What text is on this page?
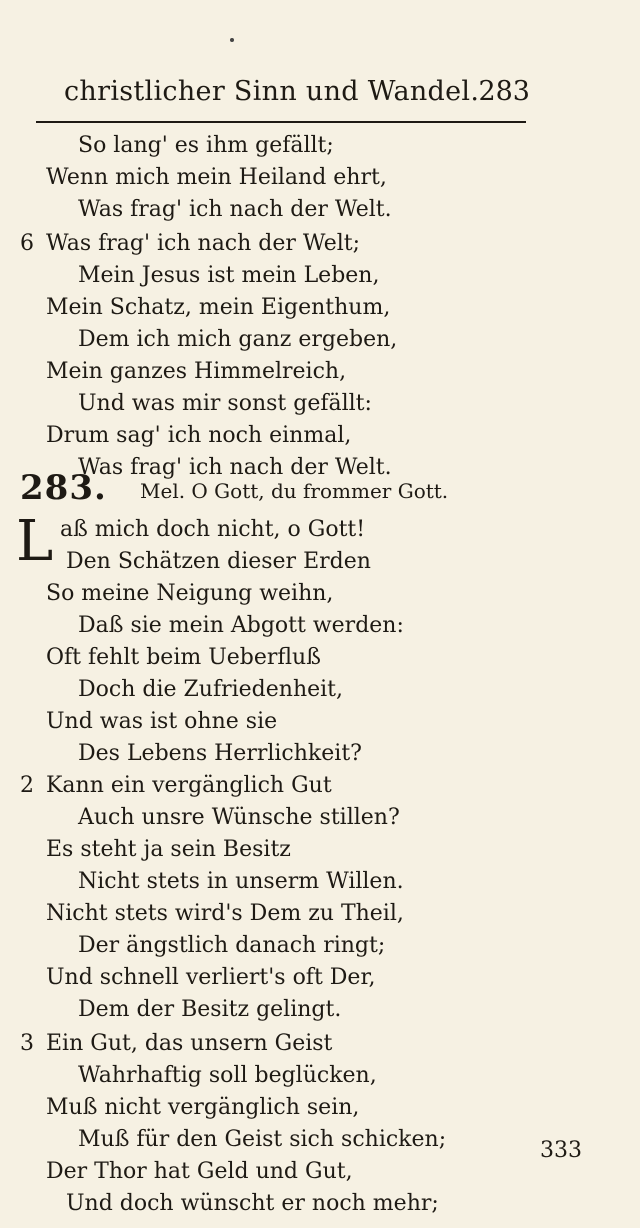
christlicher Sinn und Wandel. 283
So lang' es ihm gefällt;
Wenn mich mein Heiland ehrt,
Was frag' ich nach der Welt.
6 Was frag' ich nach der Welt;
Mein Jesus ist mein Leben,
Mein Schatz, mein Eigenthum,
Dem ich mich ganz ergeben,
Mein ganzes Himmelreich,
Und was mir sonst gefällt:
Drum sag' ich noch einmal,
Was frag' ich nach der Welt.
283. Mel. O Gott, du frommer Gott.
L aß mich doch nicht, o Gott!
Den Schätzen dieser Erden
So meine Neigung weihn,
Daß sie mein Abgott werden:
Oft fehlt beim Ueberfluß
Doch die Zufriedenheit,
Und was ist ohne sie
Des Lebens Herrlichkeit?
2 Kann ein vergänglich Gut
Auch unsre Wünsche stillen?
Es steht ja sein Besitz
Nicht stets in unserm Willen.
Nicht stets wird's Dem zu Theil,
Der ängstlich danach ringt;
Und schnell verliert's oft Der,
Dem der Besitz gelingt.
3 Ein Gut, das unsern Geist
Wahrhaftig soll beglücken,
Muß nicht vergänglich sein,
Muß für den Geist sich schicken;
Der Thor hat Geld und Gut,
Und doch wünscht er noch mehr;
333
